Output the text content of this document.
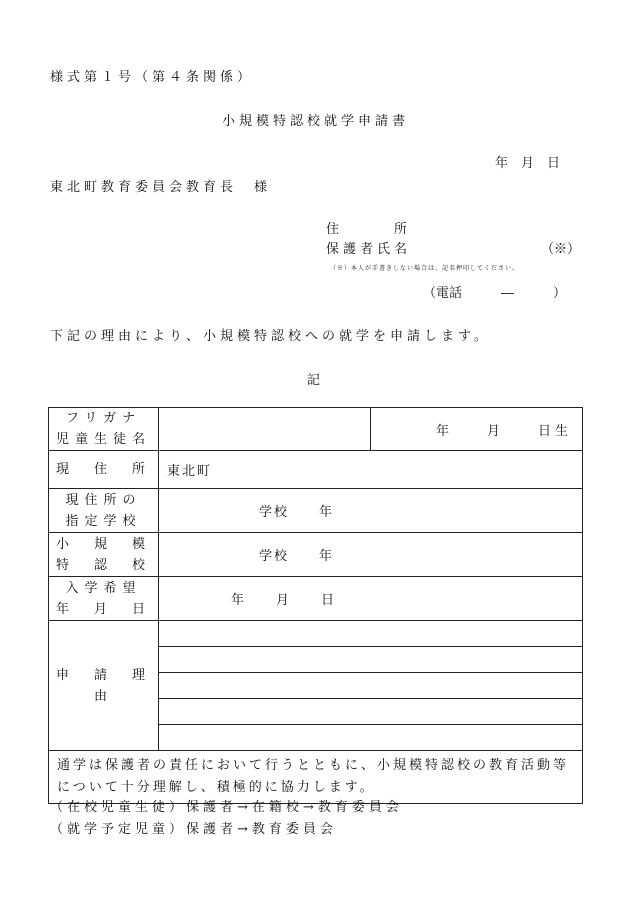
様式第１号（第４条関係）
小規模特認校就学申請書
年　月　日
東北町教育委員会教育長　様
住　　　所
保護者氏名	（※）
（※）本人が手書きしない場合は、記名押印してください。
（電話　　　―　　　）
下記の理由により、小規模特認校への就学を申請します。
記
フリガナ
児童生徒名		年　　月　　日生
現　住　所	東北町	

現住所の
指定学校	学校　　年	

小　規　模
特　認　校	学校　　年	

入学希望
年　月　日	年　　月　　日	
申　請　理　由		

通学は保護者の責任において行うとともに、小規模特認校の教育活動等について十分理解し、積極的に協力します。		
（在校児童生徒）保護者→在籍校→教育委員会
（就学予定児童）保護者→教育委員会
